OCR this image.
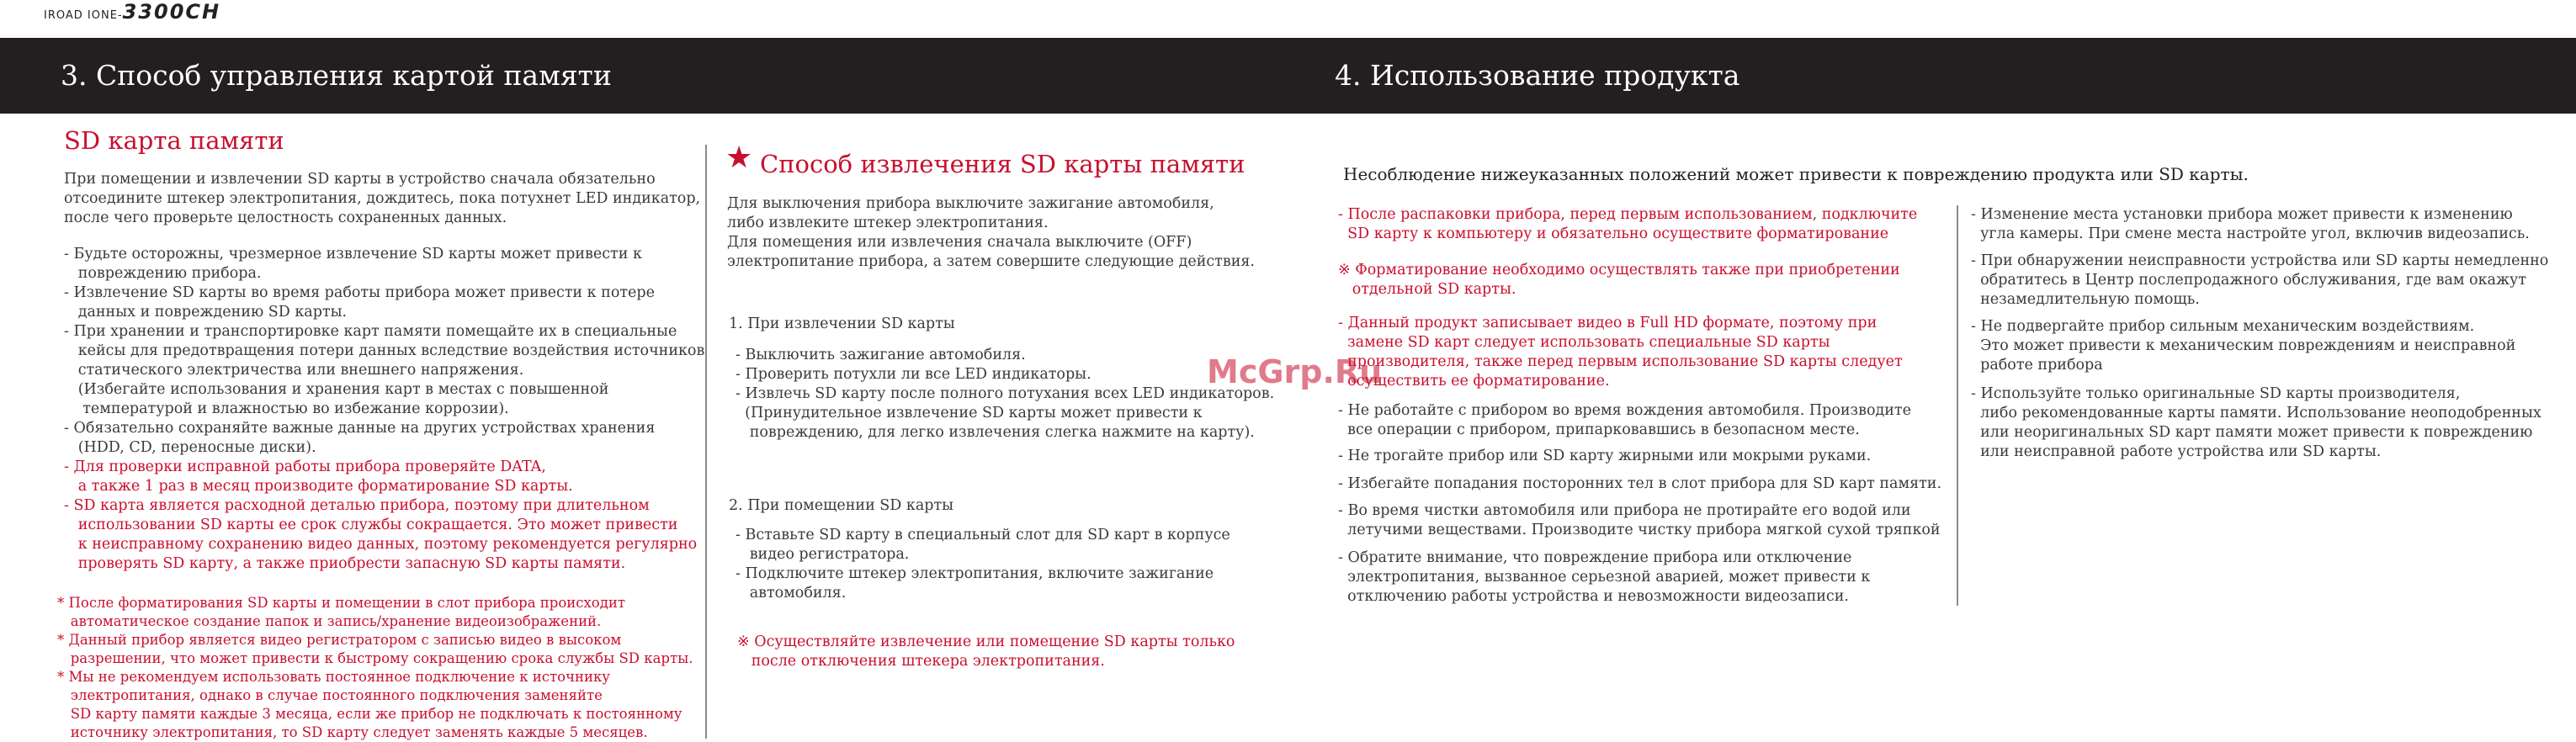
IROAD IONE-3300CH
3. Способ управления картой памяти	4. Использование продукта
SD карта памяти

При помещении и извлечении SD карты в устройство сначала обязательно
отсоедините штекер электропитания, дождитесь, пока потухнет LED индикатор,
после чего проверьте целостность сохраненных данных.

- Будьте осторожны, чрезмерное извлечение SD карты может привести к
повреждению прибора.
- Извлечение SD карты во время работы прибора может привести к потере
данных и повреждению SD карты.
- При хранении и транспортировке карт памяти помещайте их в специальные
кейсы для предотвращения потери данных вследствие воздействия источников
статического электричества или внешнего напряжения.
(Избегайте использования и хранения карт в местах с повышенной
температурой и влажностью во избежание коррозии).
- Обязательно сохраняйте важные данные на других устройствах хранения
(HDD, CD, переносные диски).

- Для проверки исправной работы прибора проверяйте DATA,
а также 1 раз в месяц производите форматирование SD карты.
- SD карта является расходной деталью прибора, поэтому при длительном
использовании SD карты ее срок службы сокращается. Это может привести
к неисправному сохранению видео данных, поэтому рекомендуется регулярно
проверять SD карту, а также приобрести запасную SD карты памяти.

* После форматирования SD карты и помещении в слот прибора происходит
автоматическое создание папок и запись/хранение видеоизображений.
* Данный прибор является видео регистратором с записью видео в высоком
разрешении, что может привести к быстрому сокращению срока службы SD карты.
* Мы не рекомендуем использовать постоянное подключение к источнику
электропитания, однако в случае постоянного подключения заменяйте
SD карту памяти каждые 3 месяца, если же прибор не подключать к постоянному
источнику электропитания, то SD карту следует заменять каждые 5 месяцев.

★ Способ извлечения SD карты памяти

Для выключения прибора выключите зажигание автомобиля,
либо извлеките штекер электропитания.
Для помещения или извлечения сначала выключите (OFF)
электропитание прибора, а затем совершите следующие действия.

1. При извлечении SD карты

- Выключить зажигание автомобиля.
- Проверить потухли ли все LED индикаторы.
- Извлечь SD карту после полного потухания всех LED индикаторов.
(Принудительное извлечение SD карты может привести к
повреждению, для легко извлечения слегка нажмите на карту).

2. При помещении SD карты

- Вставьте SD карту в специальный слот для SD карт в корпусе
видео регистратора.
- Подключите штекер электропитания, включите зажигание
автомобиля.

※ Осуществляйте извлечение или помещение SD карты только
после отключения штекера электропитания.

McGrp.Ru
Несоблюдение нижеуказанных положений может привести к повреждению продукта или SD карты.

- После распаковки прибора, перед первым использованием, подключите
SD карту к компьютеру и обязательно осуществите форматирование

※ Форматирование необходимо осуществлять также при приобретении
отдельной SD карты.

- Данный продукт записывает видео в Full HD формате, поэтому при
замене SD карт следует использовать специальные SD карты
производителя, также перед первым использование SD карты следует
осуществить ее форматирование.

- Не работайте с прибором во время вождения автомобиля. Производите
все операции с прибором, припарковавшись в безопасном месте.

- Не трогайте прибор или SD карту жирными или мокрыми руками.

- Избегайте попадания посторонних тел в слот прибора для SD карт памяти.

- Во время чистки автомобиля или прибора не протирайте его водой или
летучими веществами. Производите чистку прибора мягкой сухой тряпкой

- Обратите внимание, что повреждение прибора или отключение
электропитания, вызванное серьезной аварией, может привести к
отключению работы устройства и невозможности видеозаписи.

- Изменение места установки прибора может привести к изменению
угла камеры. При смене места настройте угол, включив видеозапись.

- При обнаружении неисправности устройства или SD карты немедленно
обратитесь в Центр послепродажного обслуживания, где вам окажут
незамедлительную помощь.

- Не подвергайте прибор сильным механическим воздействиям.
Это может привести к механическим повреждениям и неисправной
работе прибора

- Используйте только оригинальные SD карты производителя,
либо рекомендованные карты памяти. Использование неоподобренных
или неоригинальных SD карт памяти может привести к повреждению
или неисправной работе устройства или SD карты.
